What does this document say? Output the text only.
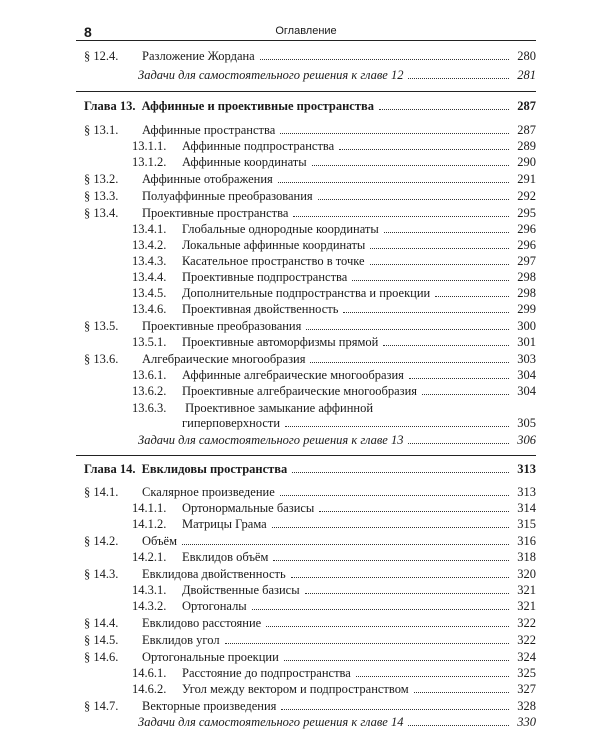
8	Оглавление
§ 12.4.	Разложение Жордана	280
Задачи для самостоятельного решения к главе 12	281
Глава 13. Аффинные и проективные пространства	287
§ 13.1.	Аффинные пространства	287
13.1.1.	Аффинные подпространства	289
13.1.2.	Аффинные координаты	290
§ 13.2.	Аффинные отображения	291
§ 13.3.	Полуаффинные преобразования	292
§ 13.4.	Проективные пространства	295
13.4.1.	Глобальные однородные координаты	296
13.4.2.	Локальные аффинные координаты	296
13.4.3.	Касательное пространство в точке	297
13.4.4.	Проективные подпространства	298
13.4.5.	Дополнительные подпространства и проекции	298
13.4.6.	Проективная двойственность	299
§ 13.5.	Проективные преобразования	300
13.5.1.	Проективные автоморфизмы прямой	301
§ 13.6.	Алгебраические многообразия	303
13.6.1.	Аффинные алгебраические многообразия	304
13.6.2.	Проективные алгебраические многообразия	304
13.6.3. Проективное замыкание аффинной
гиперповерхности	305
Задачи для самостоятельного решения к главе 13	306
Глава 14. Евклидовы пространства	313
§ 14.1.	Скалярное произведение	313
14.1.1.	Ортонормальные базисы	314
14.1.2.	Матрицы Грама	315
§ 14.2.	Объём	316
14.2.1.	Евклидов объём	318
§ 14.3.	Евклидова двойственность	320
14.3.1.	Двойственные базисы	321
14.3.2.	Ортогоналы	321
§ 14.4.	Евклидово расстояние	322
§ 14.5.	Евклидов угол	322
§ 14.6.	Ортогональные проекции	324
14.6.1.	Расстояние до подпространства	325
14.6.2.	Угол между вектором и подпространством	327
§ 14.7.	Векторные произведения	328
Задачи для самостоятельного решения к главе 14	330
